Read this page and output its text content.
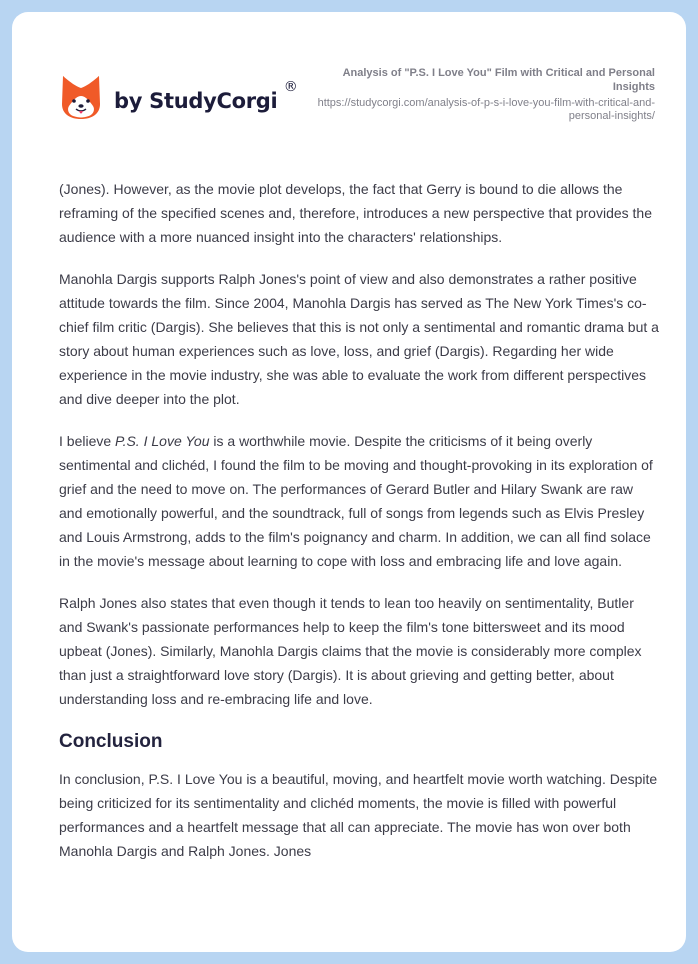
by StudyCorgi
®
Analysis of "P.S. I Love You" Film with Critical and Personal Insights
https://studycorgi.com/analysis-of-p-s-i-love-you-film-with-critical-and-personal-insights/

(Jones). However, as the movie plot develops, the fact that Gerry is bound to die allows the reframing of the specified scenes and, therefore, introduces a new perspective that provides the audience with a more nuanced insight into the characters' relationships.

Manohla Dargis supports Ralph Jones's point of view and also demonstrates a rather positive attitude towards the film. Since 2004, Manohla Dargis has served as The New York Times's co-chief film critic (Dargis). She believes that this is not only a sentimental and romantic drama but a story about human experiences such as love, loss, and grief (Dargis). Regarding her wide experience in the movie industry, she was able to evaluate the work from different perspectives and dive deeper into the plot.

I believe P.S. I Love You is a worthwhile movie. Despite the criticisms of it being overly sentimental and clichéd, I found the film to be moving and thought-provoking in its exploration of grief and the need to move on. The performances of Gerard Butler and Hilary Swank are raw and emotionally powerful, and the soundtrack, full of songs from legends such as Elvis Presley and Louis Armstrong, adds to the film's poignancy and charm. In addition, we can all find solace in the movie's message about learning to cope with loss and embracing life and love again.

Ralph Jones also states that even though it tends to lean too heavily on sentimentality, Butler and Swank's passionate performances help to keep the film's tone bittersweet and its mood upbeat (Jones). Similarly, Manohla Dargis claims that the movie is considerably more complex than just a straightforward love story (Dargis). It is about grieving and getting better, about understanding loss and re-embracing life and love.

Conclusion

In conclusion, P.S. I Love You is a beautiful, moving, and heartfelt movie worth watching. Despite being criticized for its sentimentality and clichéd moments, the movie is filled with powerful performances and a heartfelt message that all can appreciate. The movie has won over both Manohla Dargis and Ralph Jones. Jones
